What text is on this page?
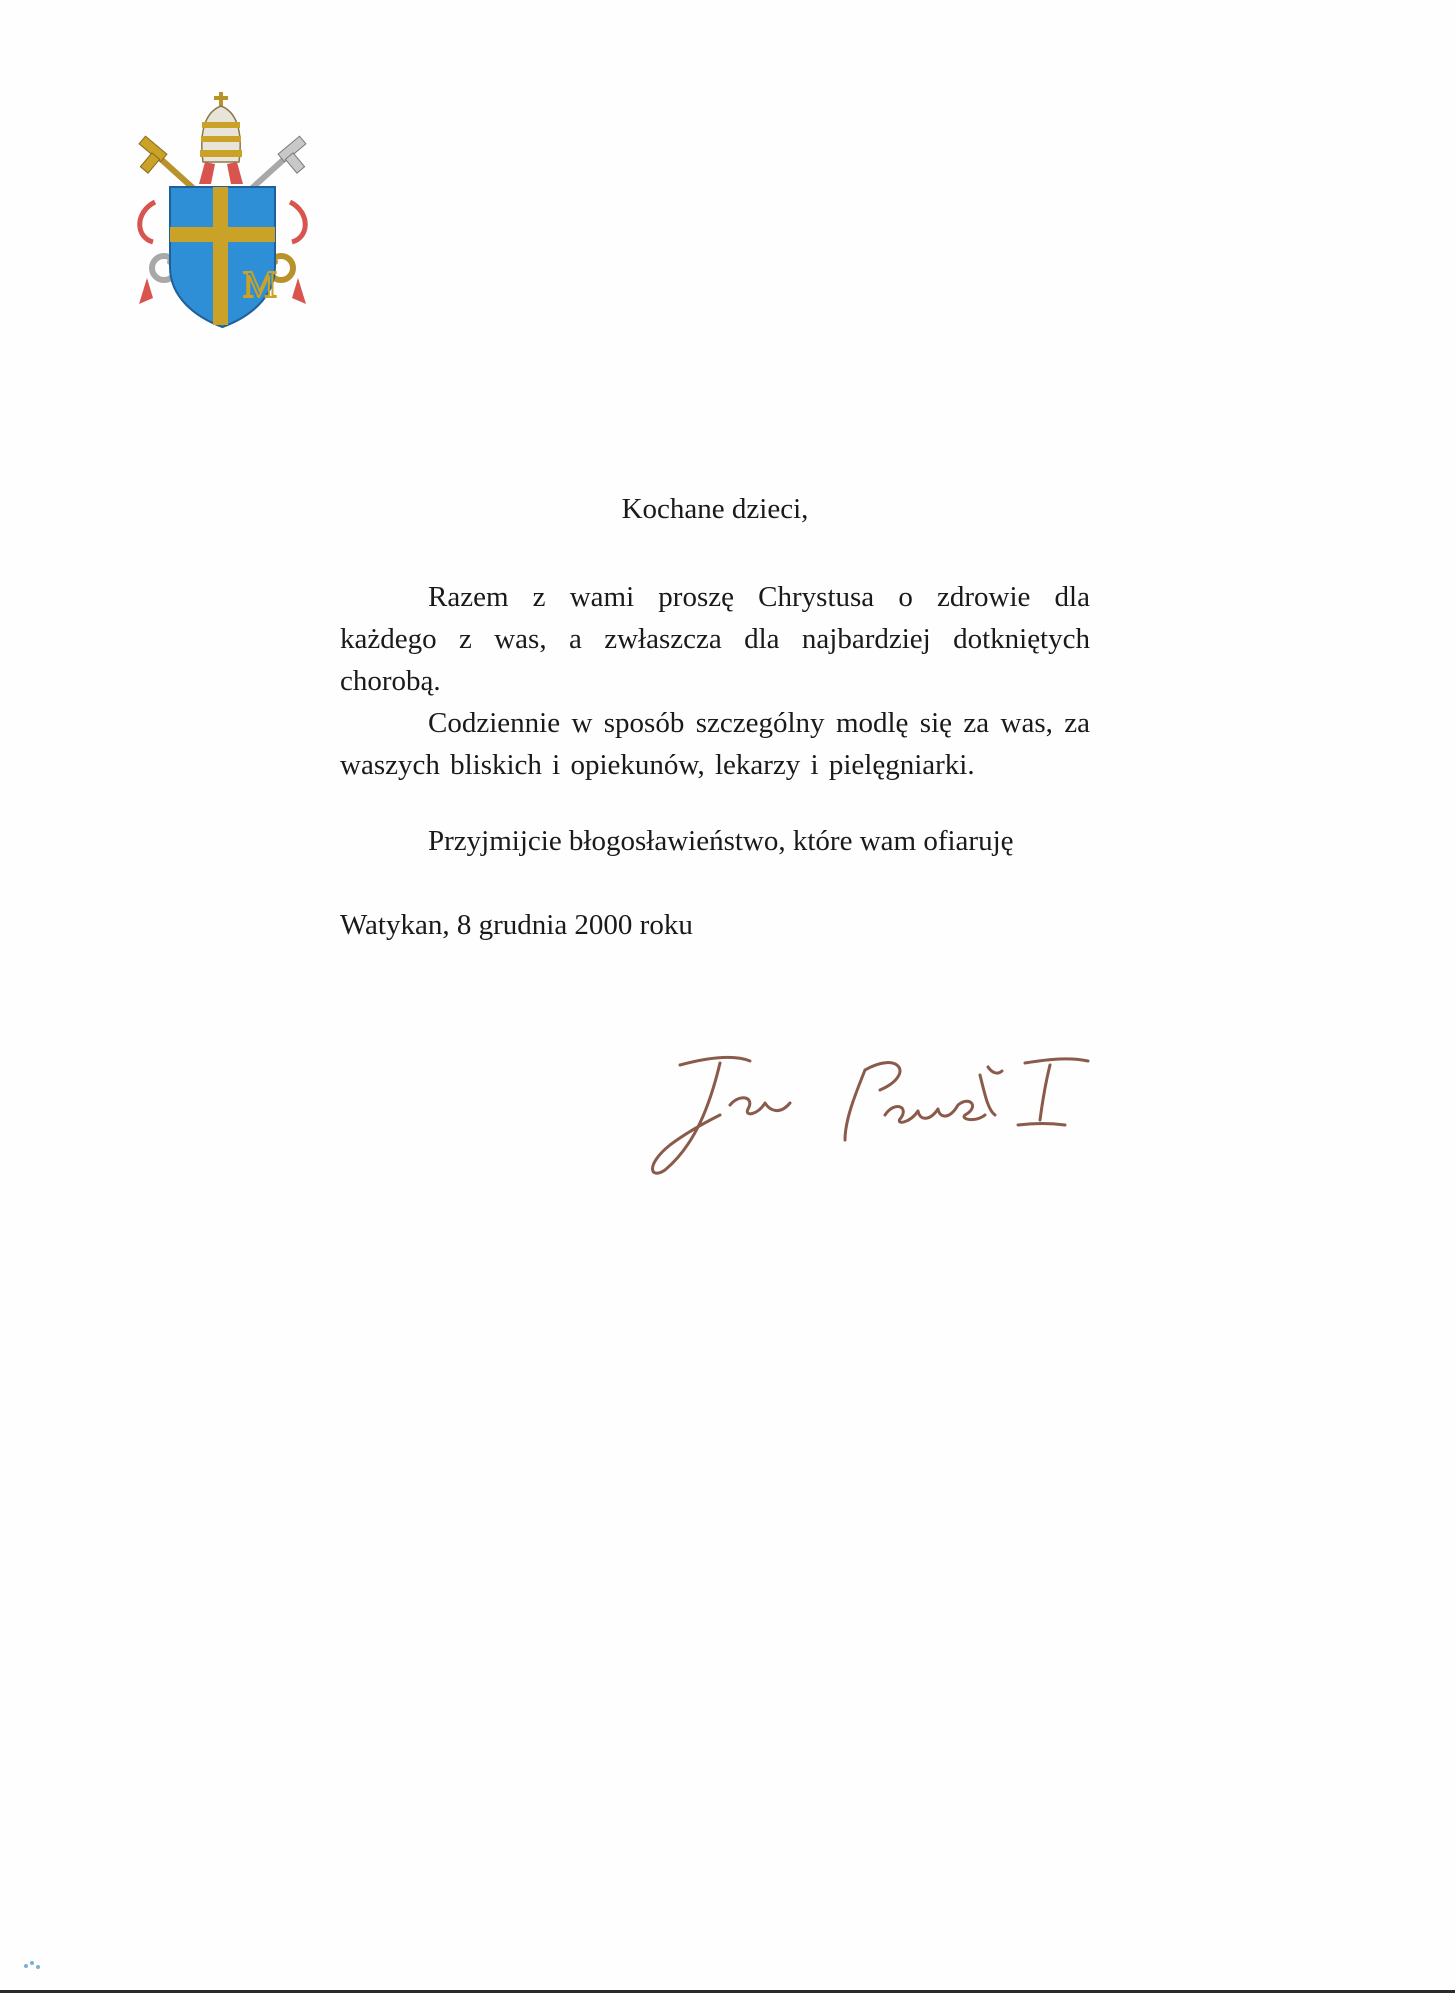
M

Kochane dzieci,

Razem z wami proszę Chrystusa o zdrowie dla każdego z was, a zwłaszcza dla najbardziej dotkniętych chorobą.

Codziennie w sposób szczególny modlę się za was, za waszych bliskich i opiekunów, lekarzy i pielęgniarki.

Przyjmijcie błogosławieństwo, które wam ofiaruję

Watykan, 8 grudnia 2000 roku
